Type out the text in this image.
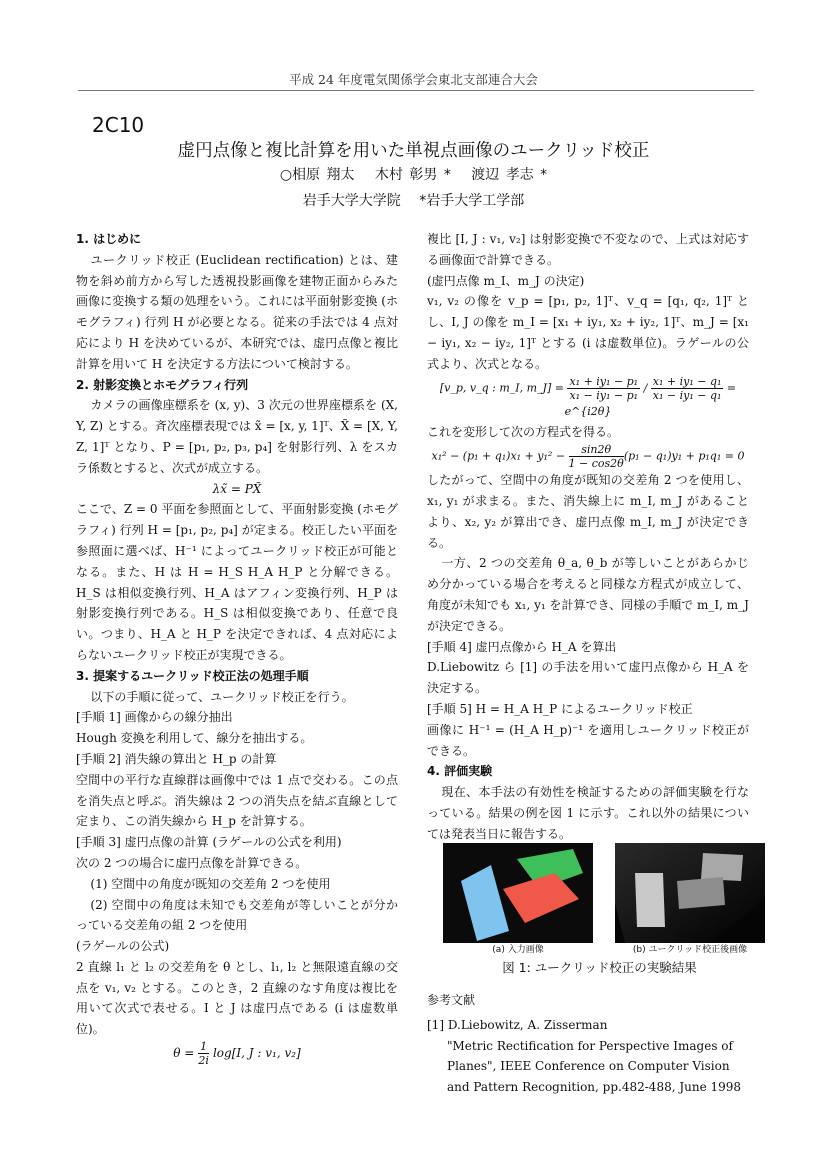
平成 24 年度電気関係学会東北支部連合大会
2C10
虚円点像と複比計算を用いた単視点画像のユークリッド校正
○相原 翔太　 木村 彰男 *　 渡辺 孝志 *
岩手大学大学院　 *岩手大学工学部

1. はじめに

ユークリッド校正 (Euclidean rectification) とは、建物を斜め前方から写した透視投影画像を建物正面からみた画像に変換する類の処理をいう。これには平面射影変換 (ホモグラフィ) 行列 H が必要となる。従来の手法では 4 点対応により H を決めているが、本研究では、虚円点像と複比計算を用いて H を決定する方法について検討する。

2. 射影変換とホモグラフィ行列

カメラの画像座標系を (x, y)、3 次元の世界座標系を (X, Y, Z) とする。斉次座標表現では x̃ = [x, y, 1]ᵀ、X̃ = [X, Y, Z, 1]ᵀ となり、P = [p₁, p₂, p₃, p₄] を射影行列、λ をスカラ係数とすると、次式が成立する。

λx̃ = PX̃

ここで、Z = 0 平面を参照面として、平面射影変換 (ホモグラフィ) 行列 H = [p₁, p₂, p₄] が定まる。校正したい平面を参照面に選べば、H⁻¹ によってユークリッド校正が可能となる。また、H は H = H_S H_A H_P と分解できる。H_S は相似変換行列、H_A はアフィン変換行列、H_P は射影変換行列である。H_S は相似変換であり、任意で良い。つまり、H_A と H_P を決定できれば、4 点対応によらないユークリッド校正が実現できる。

3. 提案するユークリッド校正法の処理手順

以下の手順に従って、ユークリッド校正を行う。

[手順 1] 画像からの線分抽出

Hough 変換を利用して、線分を抽出する。

[手順 2] 消失線の算出と H_p の計算

空間中の平行な直線群は画像中では 1 点で交わる。この点を消失点と呼ぶ。消失線は 2 つの消失点を結ぶ直線として定まり、この消失線から H_p を計算する。

[手順 3] 虚円点像の計算 (ラゲールの公式を利用)

次の 2 つの場合に虚円点像を計算できる。

(1) 空間中の角度が既知の交差角 2 つを使用

(2) 空間中の角度は未知でも交差角が等しいことが分かっている交差角の組 2 つを使用

(ラゲールの公式)

2 直線 l₁ と l₂ の交差角を θ とし、l₁, l₂ と無限遠直線の交点を v₁, v₂ とする。このとき，2 直線のなす角度は複比を用いて次式で表せる。I と J は虚円点である (i は虚数単位)。

$\theta = \frac{1}{2i} \log[I$, J : v₁, v₂]

複比 [I, J : v₁, v₂] は射影変換で不変なので、上式は対応する画像面で計算できる。

(虚円点像 m_I、m_J の決定)

v₁, v₂ の像を v_p = [p₁, p₂, 1]ᵀ、v_q = [q₁, q₂, 1]ᵀ とし、I, J の像を m_I = [x₁ + iy₁, x₂ + iy₂, 1]ᵀ、m_J = [x₁ − iy₁, x₂ − iy₂, 1]ᵀ とする (i は虚数単位)。ラゲールの公式より、次式となる。

[v_p, v_q : m_I, m_J] = $\frac{\text{x₁ + iy₁ − p₁}}{\text{x₁ − iy₁ − p₁}} / \frac{\text{x₁ + iy₁ − q₁}}{\text{x₁ − iy₁ − q₁}}$ = e^{i2θ}

これを変形して次の方程式を得る。

$x_1^2 - (p_1 + q_1)x_1 + y_1^2 - \frac{\sin 2\theta}{1 - \cos 2\theta} (p_1 - q_1)y_1 + p_1q_1 = 0$

したがって、空間中の角度が既知の交差角 2 つを使用し、x₁, y₁ が求まる。また、消失線上に m_I, m_J があることより、x₂, y₂ が算出でき、虚円点像 m_I, m_J が決定できる。

一方、2 つの交差角 θ_a, θ_b が等しいことがあらかじめ分かっている場合を考えると同様な方程式が成立して、角度が未知でも x₁, y₁ を計算でき、同様の手順で m_I, m_J が決定できる。

[手順 4] 虚円点像から H_A を算出

D.Liebowitz ら [1] の手法を用いて虚円点像から H_A を決定する。

[手順 5] H = H_A H_P によるユークリッド校正

画像に H⁻¹ = (H_A H_p)⁻¹ を適用しユークリッド校正ができる。

4. 評価実験

現在、本手法の有効性を検証するための評価実験を行なっている。結果の例を図 1 に示す。これ以外の結果については発表当日に報告する。

(a) 入力画像	(b) ユークリッド校正後画像
図 1: ユークリッド校正の実験結果

参考文献

[1] D.Liebowitz, A. Zisserman

"Metric Rectification for Perspective Images of Planes", IEEE Conference on Computer Vision and Pattern Recognition, pp.482-488, June 1998
